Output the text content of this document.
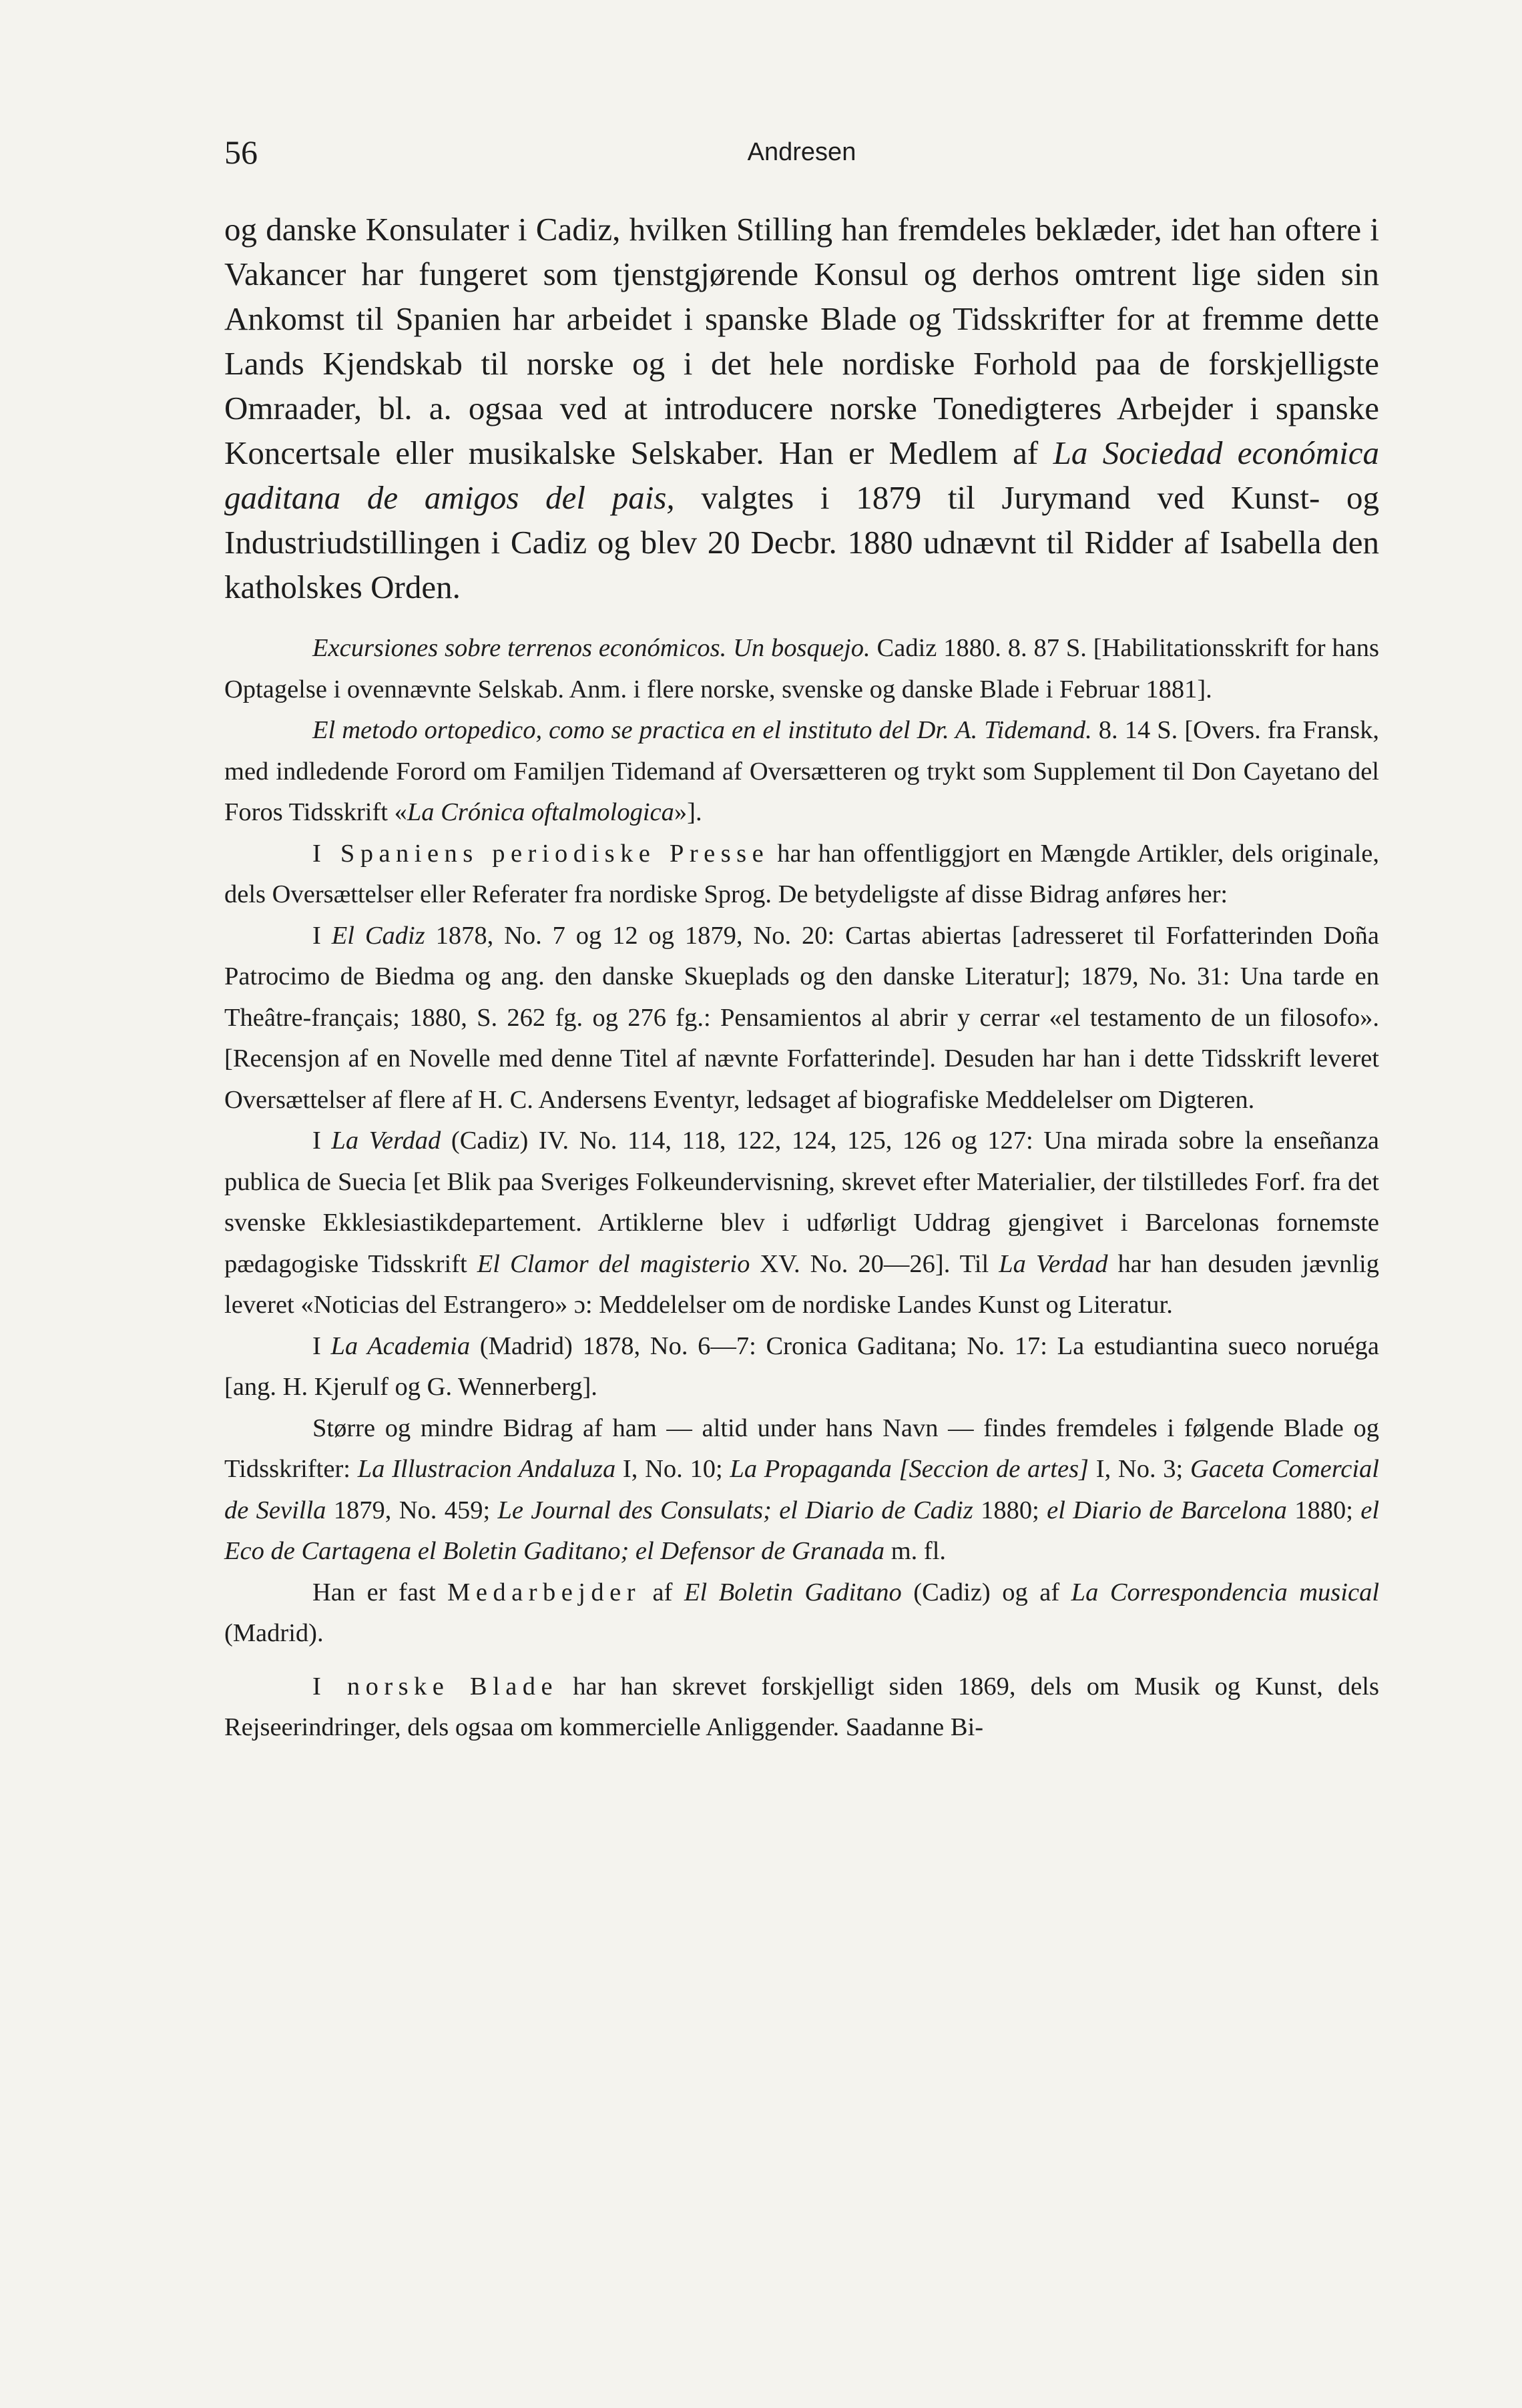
56	Andresen

og danske Konsulater i Cadiz, hvilken Stilling han fremdeles beklæder, idet han oftere i Vakancer har fungeret som tjenstgjørende Konsul og derhos omtrent lige siden sin Ankomst til Spanien har arbeidet i spanske Blade og Tidsskrifter for at fremme dette Lands Kjendskab til norske og i det hele nordiske Forhold paa de forskjelligste Omraader, bl. a. ogsaa ved at introducere norske Tonedigteres Arbejder i spanske Koncertsale eller musikalske Selskaber. Han er Medlem af La Sociedad económica gaditana de amigos del pais, valgtes i 1879 til Jurymand ved Kunst- og Industriudstillingen i Cadiz og blev 20 Decbr. 1880 udnævnt til Ridder af Isabella den katholskes Orden.

Excursiones sobre terrenos económicos. Un bosquejo. Cadiz 1880. 8. 87 S. [Habilitationsskrift for hans Optagelse i ovennævnte Selskab. Anm. i flere norske, svenske og danske Blade i Februar 1881].

El metodo ortopedico, como se practica en el instituto del Dr. A. Tidemand. 8. 14 S. [Overs. fra Fransk, med indledende Forord om Familjen Tidemand af Oversætteren og trykt som Supplement til Don Cayetano del Foros Tidsskrift «La Crónica oftalmologica»].

I Spaniens periodiske Presse har han offentliggjort en Mængde Artikler, dels originale, dels Oversættelser eller Referater fra nordiske Sprog. De betydeligste af disse Bidrag anføres her:

I El Cadiz 1878, No. 7 og 12 og 1879, No. 20: Cartas abiertas [adresseret til Forfatterinden Doña Patrocimo de Biedma og ang. den danske Skueplads og den danske Literatur]; 1879, No. 31: Una tarde en Theâtre-français; 1880, S. 262 fg. og 276 fg.: Pensamientos al abrir y cerrar «el testamento de un filosofo». [Recensjon af en Novelle med denne Titel af nævnte Forfatterinde]. Desuden har han i dette Tidsskrift leveret Oversættelser af flere af H. C. Andersens Eventyr, ledsaget af biografiske Meddelelser om Digteren.

I La Verdad (Cadiz) IV. No. 114, 118, 122, 124, 125, 126 og 127: Una mirada sobre la enseñanza publica de Suecia [et Blik paa Sveriges Folkeundervisning, skrevet efter Materialier, der tilstilledes Forf. fra det svenske Ekklesiastikdepartement. Artiklerne blev i udførligt Uddrag gjengivet i Barcelonas fornemste pædagogiske Tidsskrift El Clamor del magisterio XV. No. 20—26]. Til La Verdad har han desuden jævnlig leveret «Noticias del Estrangero» ɔ: Meddelelser om de nordiske Landes Kunst og Literatur.

I La Academia (Madrid) 1878, No. 6—7: Cronica Gaditana; No. 17: La estudiantina sueco noruéga [ang. H. Kjerulf og G. Wennerberg].

Større og mindre Bidrag af ham — altid under hans Navn — findes fremdeles i følgende Blade og Tidsskrifter: La Illustracion Andaluza I, No. 10; La Propaganda [Seccion de artes] I, No. 3; Gaceta Comercial de Sevilla 1879, No. 459; Le Journal des Consulats; el Diario de Cadiz 1880; el Diario de Barcelona 1880; el Eco de Cartagena el Boletin Gaditano; el Defensor de Granada m. fl.

Han er fast Medarbejder af El Boletin Gaditano (Cadiz) og af La Correspondencia musical (Madrid).

I norske Blade har han skrevet forskjelligt siden 1869, dels om Musik og Kunst, dels Rejseerindringer, dels ogsaa om kommercielle Anliggender. Saadanne Bi-
